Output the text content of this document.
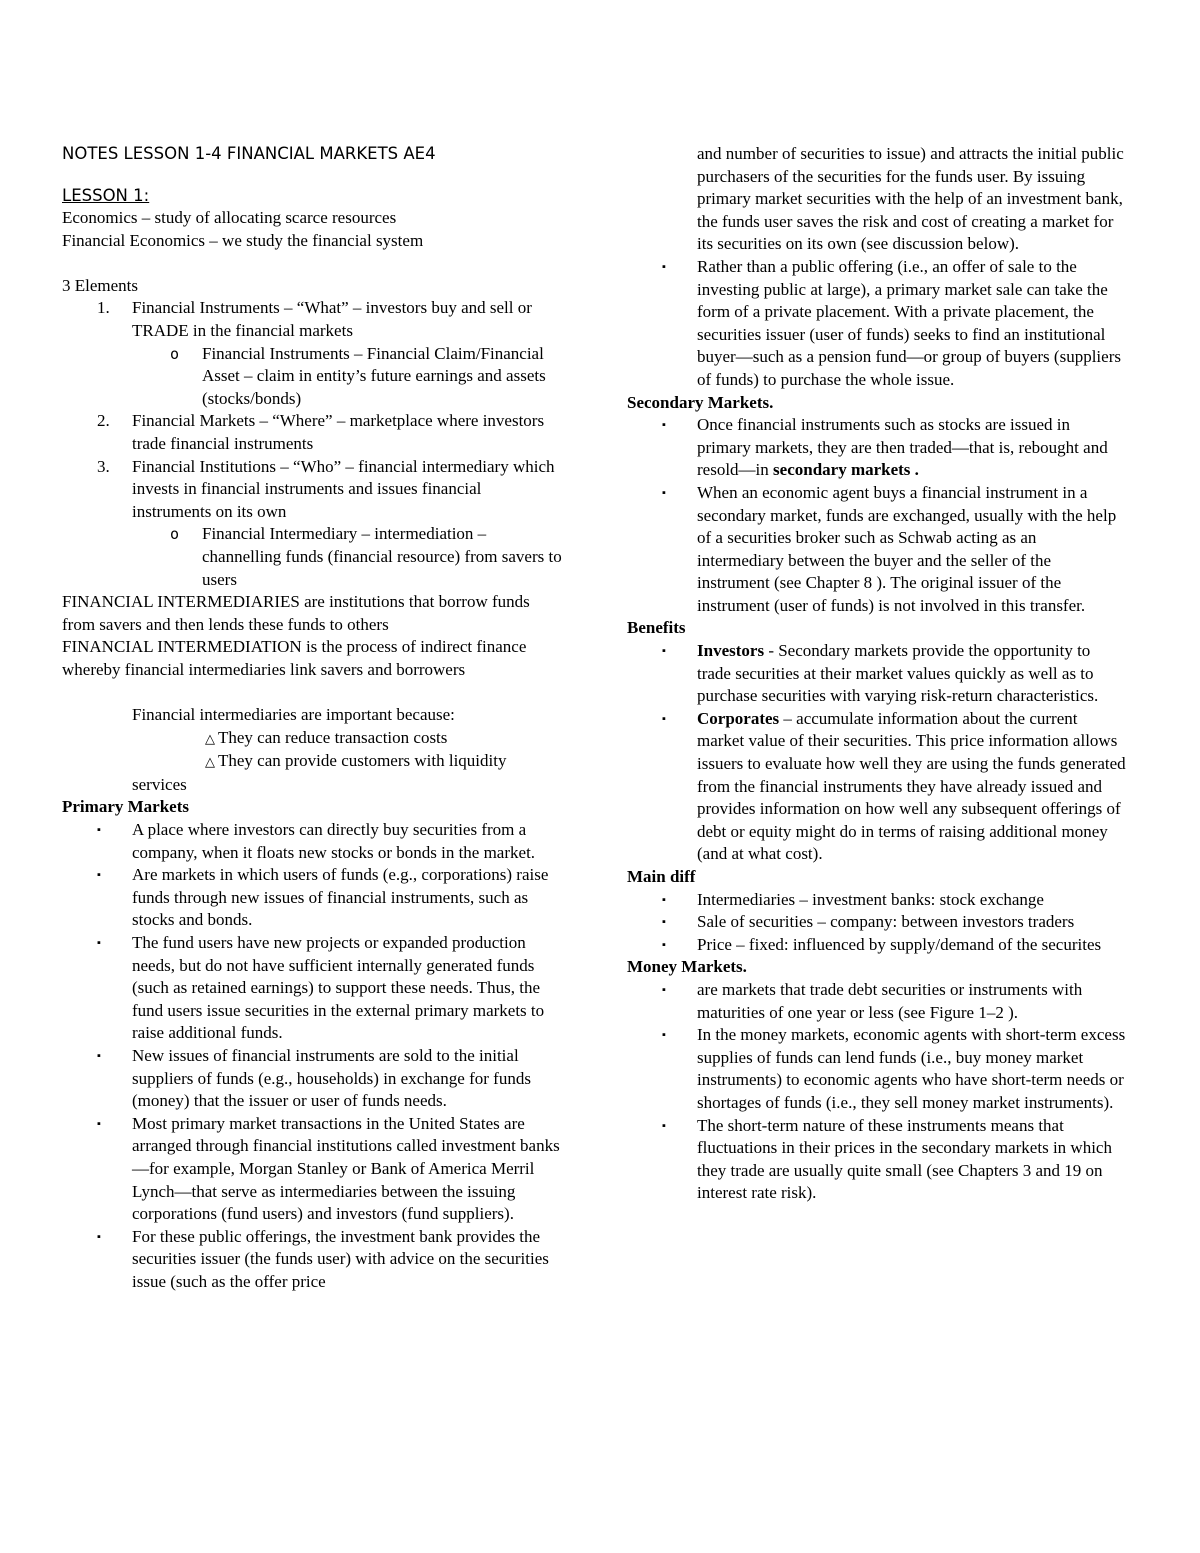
NOTES LESSON 1-4 FINANCIAL MARKETS AE4
LESSON 1:

Economics – study of allocating scarce resources

Financial Economics – we study the financial system

3 Elements

1. Financial Instruments – “What” – investors buy and sell or TRADE in the financial markets
o Financial Instruments – Financial Claim/Financial Asset – claim in entity’s future earnings and assets (stocks/bonds)
2. Financial Markets – “Where” – marketplace where investors trade financial instruments
3. Financial Institutions – “Who” – financial intermediary which invests in financial instruments and issues financial instruments on its own
o Financial Intermediary – intermediation – channelling funds (financial resource) from savers to users

FINANCIAL INTERMEDIARIES are institutions that borrow funds from savers and then lends these funds to others

FINANCIAL INTERMEDIATION is the process of indirect finance whereby financial intermediaries link savers and borrowers

Financial intermediaries are important because:

△ They can reduce transaction costs

△ They can provide customers with liquidity

services

Primary Markets

▪ A place where investors can directly buy securities from a company, when it floats new stocks or bonds in the market.
▪ Are markets in which users of funds (e.g., corporations) raise funds through new issues of financial instruments, such as stocks and bonds.
▪ The fund users have new projects or expanded production needs, but do not have sufficient internally generated funds (such as retained earnings) to support these needs. Thus, the fund users issue securities in the external primary markets to raise additional funds.
▪ New issues of financial instruments are sold to the initial suppliers of funds (e.g., households) in exchange for funds (money) that the issuer or user of funds needs.
▪ Most primary market transactions in the United States are arranged through financial institutions called investment banks—for example, Morgan Stanley or Bank of America Merril Lynch—that serve as intermediaries between the issuing corporations (fund users) and investors (fund suppliers).
▪ For these public offerings, the investment bank provides the securities issuer (the funds user) with advice on the securities issue (such as the offer price

and number of securities to issue) and attracts the initial public purchasers of the securities for the funds user. By issuing primary market securities with the help of an investment bank, the funds user saves the risk and cost of creating a market for its securities on its own (see discussion below).

▪ Rather than a public offering (i.e., an offer of sale to the investing public at large), a primary market sale can take the form of a private placement. With a private placement, the securities issuer (user of funds) seeks to find an institutional buyer—such as a pension fund—or group of buyers (suppliers of funds) to purchase the whole issue.

Secondary Markets.

▪ Once financial instruments such as stocks are issued in primary markets, they are then traded—that is, rebought and resold—in secondary markets .
▪ When an economic agent buys a financial instrument in a secondary market, funds are exchanged, usually with the help of a securities broker such as Schwab acting as an intermediary between the buyer and the seller of the instrument (see Chapter 8 ). The original issuer of the instrument (user of funds) is not involved in this transfer.

Benefits

▪ Investors - Secondary markets provide the opportunity to trade securities at their market values quickly as well as to purchase securities with varying risk-return characteristics.
▪ Corporates – accumulate information about the current market value of their securities. This price information allows issuers to evaluate how well they are using the funds generated from the financial instruments they have already issued and provides information on how well any subsequent offerings of debt or equity might do in terms of raising additional money (and at what cost).

Main diff

▪ Intermediaries – investment banks: stock exchange
▪ Sale of securities – company: between investors traders
▪ Price – fixed: influenced by supply/demand of the securites

Money Markets.

▪ are markets that trade debt securities or instruments with maturities of one year or less (see Figure 1–2 ).
▪ In the money markets, economic agents with short-term excess supplies of funds can lend funds (i.e., buy money market instruments) to economic agents who have short-term needs or shortages of funds (i.e., they sell money market instruments).
▪ The short-term nature of these instruments means that fluctuations in their prices in the secondary markets in which they trade are usually quite small (see Chapters 3 and 19 on interest rate risk).
